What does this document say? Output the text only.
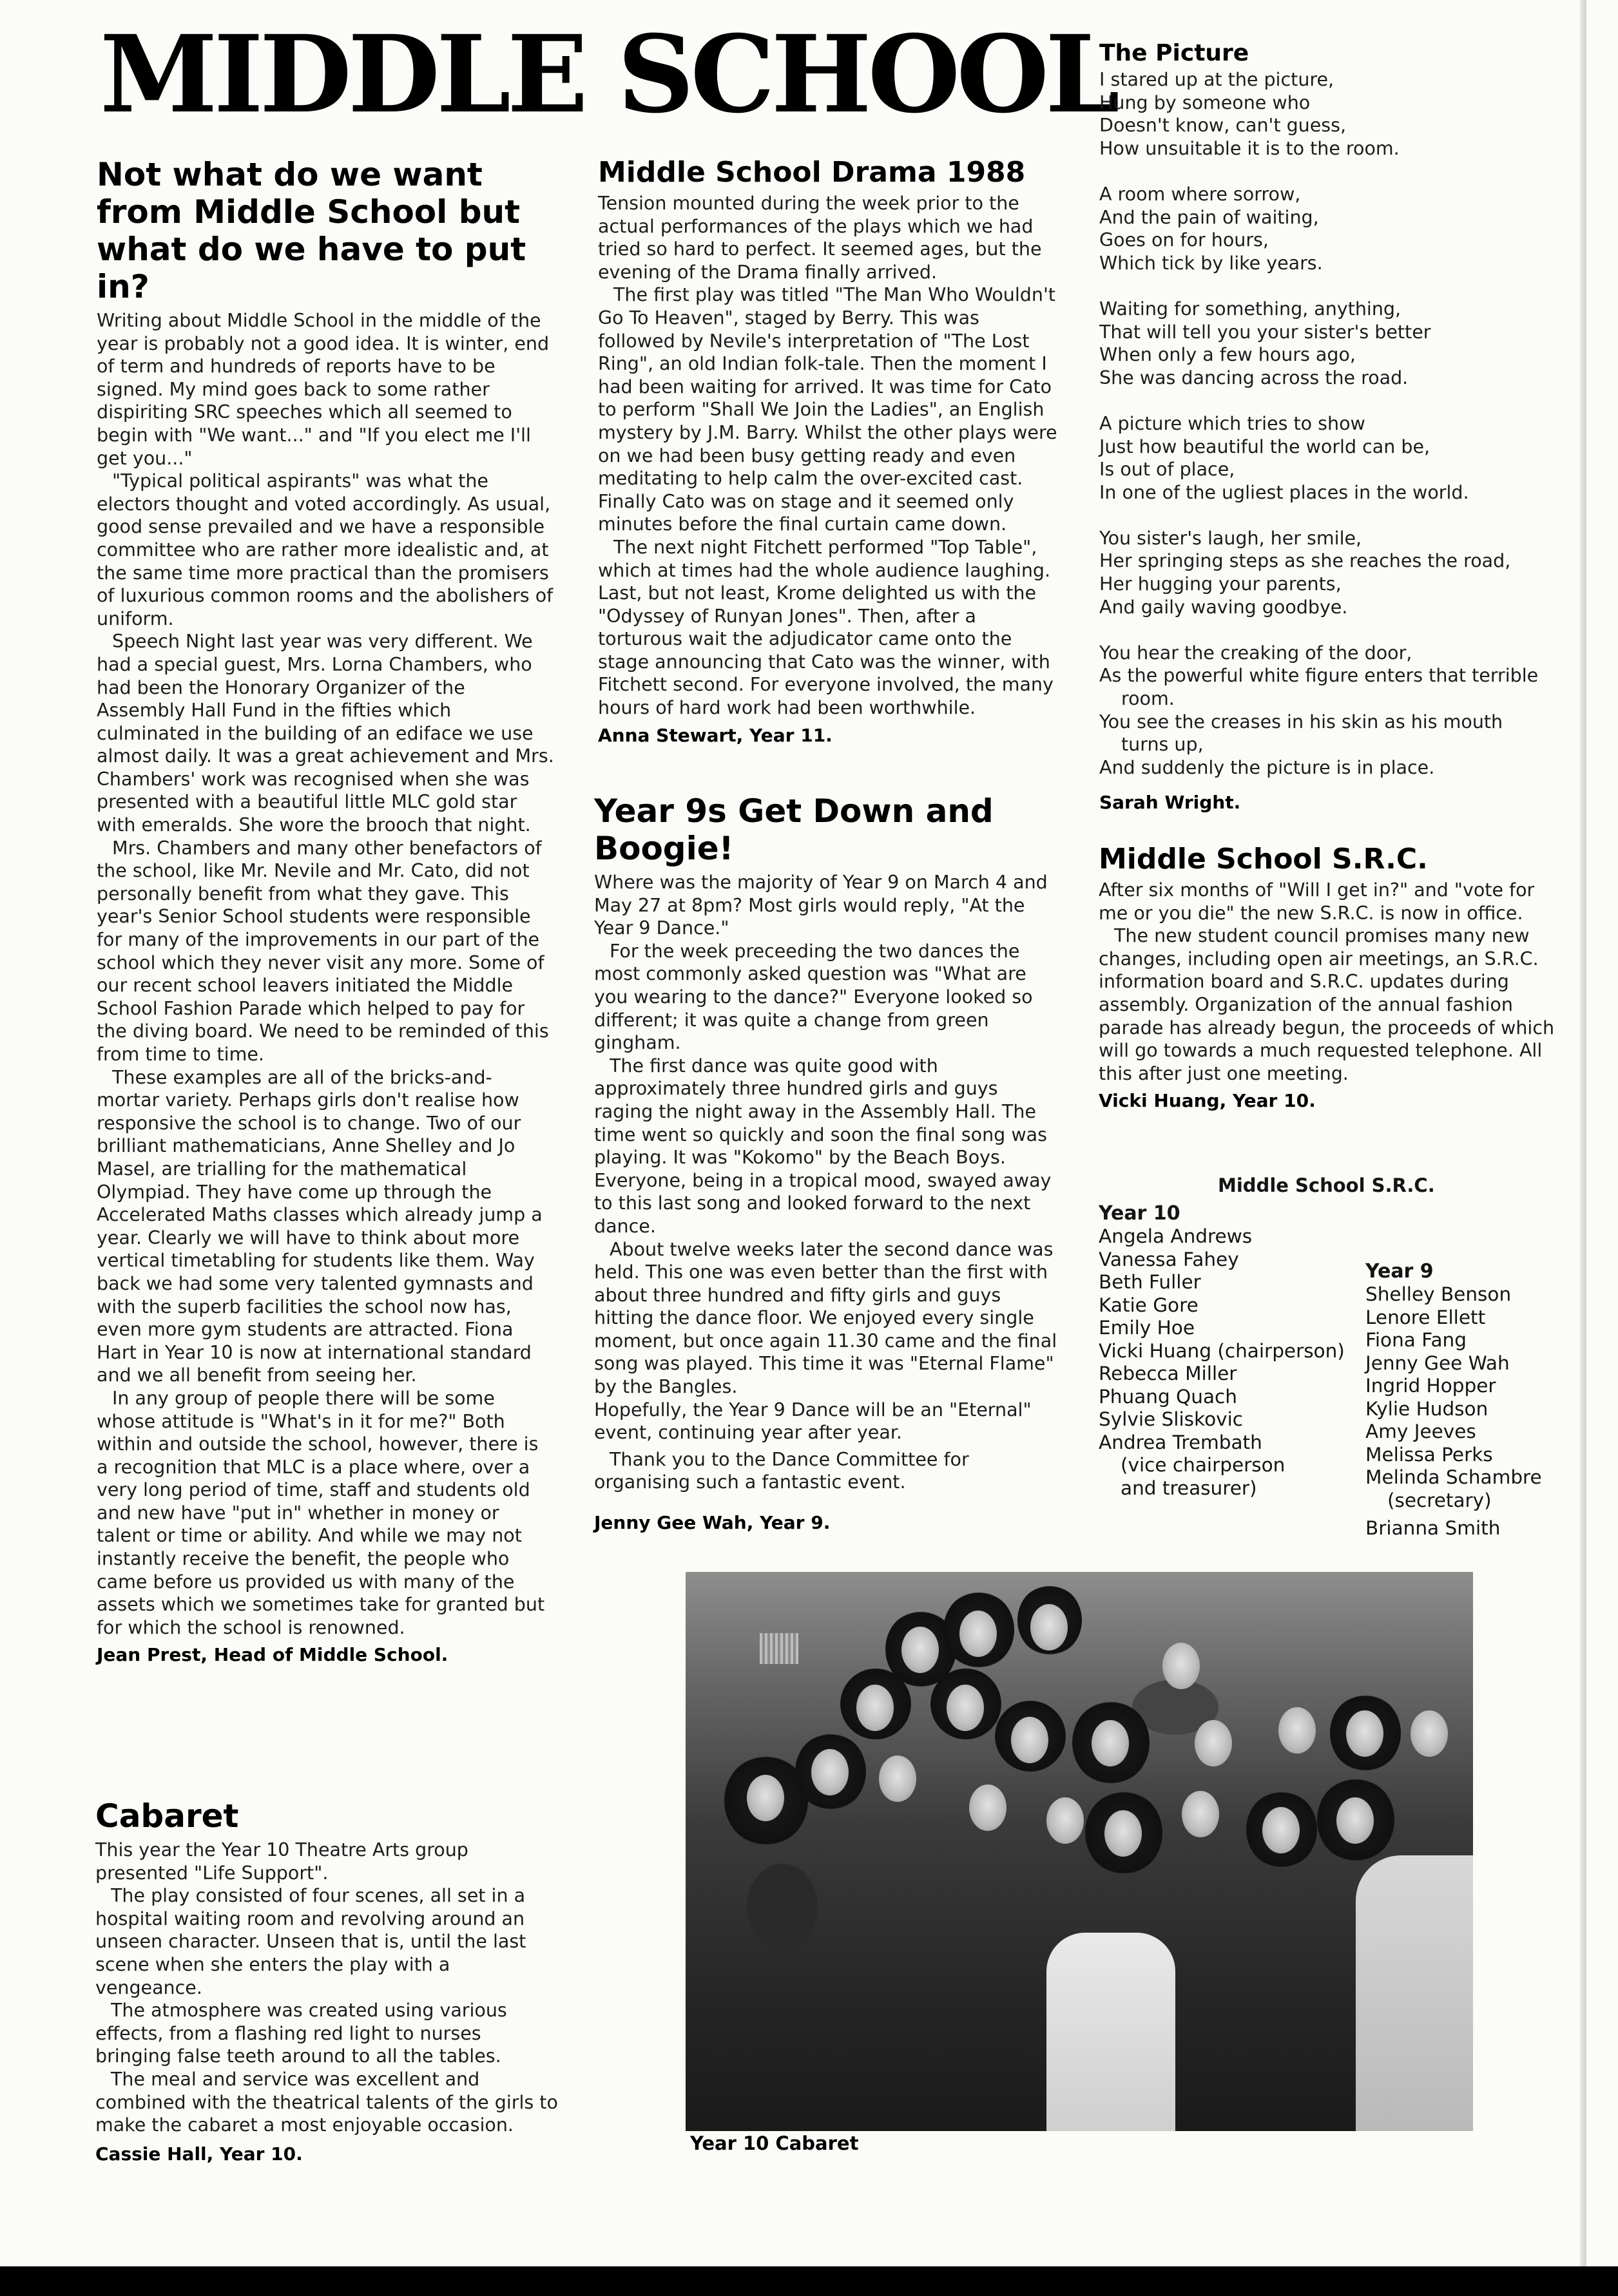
MIDDLE SCHOOL
Not what do we want from Middle School but what do we have to put in?

Writing about Middle School in the middle of the year is probably not a good idea. It is winter, end of term and hundreds of reports have to be signed. My mind goes back to some rather dispiriting SRC speeches which all seemed to begin with "We want..." and "If you elect me I'll get you..."

"Typical political aspirants" was what the electors thought and voted accordingly. As usual, good sense prevailed and we have a responsible committee who are rather more idealistic and, at the same time more practical than the promisers of luxurious common rooms and the abolishers of uniform.

Speech Night last year was very different. We had a special guest, Mrs. Lorna Chambers, who had been the Honorary Organizer of the Assembly Hall Fund in the fifties which culminated in the building of an ediface we use almost daily. It was a great achievement and Mrs. Chambers' work was recognised when she was presented with a beautiful little MLC gold star with emeralds. She wore the brooch that night.

Mrs. Chambers and many other benefactors of the school, like Mr. Nevile and Mr. Cato, did not personally benefit from what they gave. This year's Senior School students were responsible for many of the improvements in our part of the school which they never visit any more. Some of our recent school leavers initiated the Middle School Fashion Parade which helped to pay for the diving board. We need to be reminded of this from time to time.

These examples are all of the bricks-and-mortar variety. Perhaps girls don't realise how responsive the school is to change. Two of our brilliant mathematicians, Anne Shelley and Jo Masel, are trialling for the mathematical Olympiad. They have come up through the Accelerated Maths classes which already jump a year. Clearly we will have to think about more vertical timetabling for students like them. Way back we had some very talented gymnasts and with the superb facilities the school now has, even more gym students are attracted. Fiona Hart in Year 10 is now at international standard and we all benefit from seeing her.

In any group of people there will be some whose attitude is "What's in it for me?" Both within and outside the school, however, there is a recognition that MLC is a place where, over a very long period of time, staff and students old and new have "put in" whether in money or talent or time or ability. And while we may not instantly receive the benefit, the people who came before us provided us with many of the assets which we sometimes take for granted but for which the school is renowned.

Jean Prest, Head of Middle School.
Middle School Drama 1988

Tension mounted during the week prior to the actual performances of the plays which we had tried so hard to perfect. It seemed ages, but the evening of the Drama finally arrived.

The first play was titled "The Man Who Wouldn't Go To Heaven", staged by Berry. This was followed by Nevile's interpretation of "The Lost Ring", an old Indian folk-tale. Then the moment I had been waiting for arrived. It was time for Cato to perform "Shall We Join the Ladies", an English mystery by J.M. Barry. Whilst the other plays were on we had been busy getting ready and even meditating to help calm the over-excited cast. Finally Cato was on stage and it seemed only minutes before the final curtain came down.

The next night Fitchett performed "Top Table", which at times had the whole audience laughing. Last, but not least, Krome delighted us with the "Odyssey of Runyan Jones". Then, after a torturous wait the adjudicator came onto the stage announcing that Cato was the winner, with Fitchett second. For everyone involved, the many hours of hard work had been worthwhile.

Anna Stewart, Year 11.
Year 9s Get Down and Boogie!

Where was the majority of Year 9 on March 4 and May 27 at 8pm? Most girls would reply, "At the Year 9 Dance."

For the week preceeding the two dances the most commonly asked question was "What are you wearing to the dance?" Everyone looked so different; it was quite a change from green gingham.

The first dance was quite good with approximately three hundred girls and guys raging the night away in the Assembly Hall. The time went so quickly and soon the final song was playing. It was "Kokomo" by the Beach Boys. Everyone, being in a tropical mood, swayed away to this last song and looked forward to the next dance.

About twelve weeks later the second dance was held. This one was even better than the first with about three hundred and fifty girls and guys hitting the dance floor. We enjoyed every single moment, but once again 11.30 came and the final song was played. This time it was "Eternal Flame" by the Bangles.

Hopefully, the Year 9 Dance will be an "Eternal" event, continuing year after year.

Thank you to the Dance Committee for organising such a fantastic event.

Jenny Gee Wah, Year 9.
The Picture
I stared up at the picture,
Hung by someone who
Doesn't know, can't guess,
How unsuitable it is to the room.
A room where sorrow,
And the pain of waiting,
Goes on for hours,
Which tick by like years.
Waiting for something, anything,
That will tell you your sister's better
When only a few hours ago,
She was dancing across the road.
A picture which tries to show
Just how beautiful the world can be,
Is out of place,
In one of the ugliest places in the world.
You sister's laugh, her smile,
Her springing steps as she reaches the road,
Her hugging your parents,
And gaily waving goodbye.
You hear the creaking of the door,
As the powerful white figure enters that terrible
room.
You see the creases in his skin as his mouth
turns up,
And suddenly the picture is in place.
Sarah Wright.
Middle School S.R.C.

After six months of "Will I get in?" and "vote for me or you die" the new S.R.C. is now in office.

The new student council promises many new changes, including open air meetings, an S.R.C. information board and S.R.C. updates during assembly. Organization of the annual fashion parade has already begun, the proceeds of which will go towards a much requested telephone. All this after just one meeting.

Vicki Huang, Year 10.
Middle School S.R.C.
Year 10
Angela Andrews
Vanessa Fahey
Beth Fuller
Katie Gore
Emily Hoe
Vicki Huang (chairperson)
Rebecca Miller
Phuang Quach
Sylvie Sliskovic
Andrea Trembath
(vice chairperson
and treasurer)
Year 9
Shelley Benson
Lenore Ellett
Fiona Fang
Jenny Gee Wah
Ingrid Hopper
Kylie Hudson
Amy Jeeves
Melissa Perks
Melinda Schambre
(secretary)
Brianna Smith
Cabaret

This year the Year 10 Theatre Arts group presented "Life Support".

The play consisted of four scenes, all set in a hospital waiting room and revolving around an unseen character. Unseen that is, until the last scene when she enters the play with a vengeance.

The atmosphere was created using various effects, from a flashing red light to nurses bringing false teeth around to all the tables.

The meal and service was excellent and combined with the theatrical talents of the girls to make the cabaret a most enjoyable occasion.

Cassie Hall, Year 10.	Year 10 Cabaret
